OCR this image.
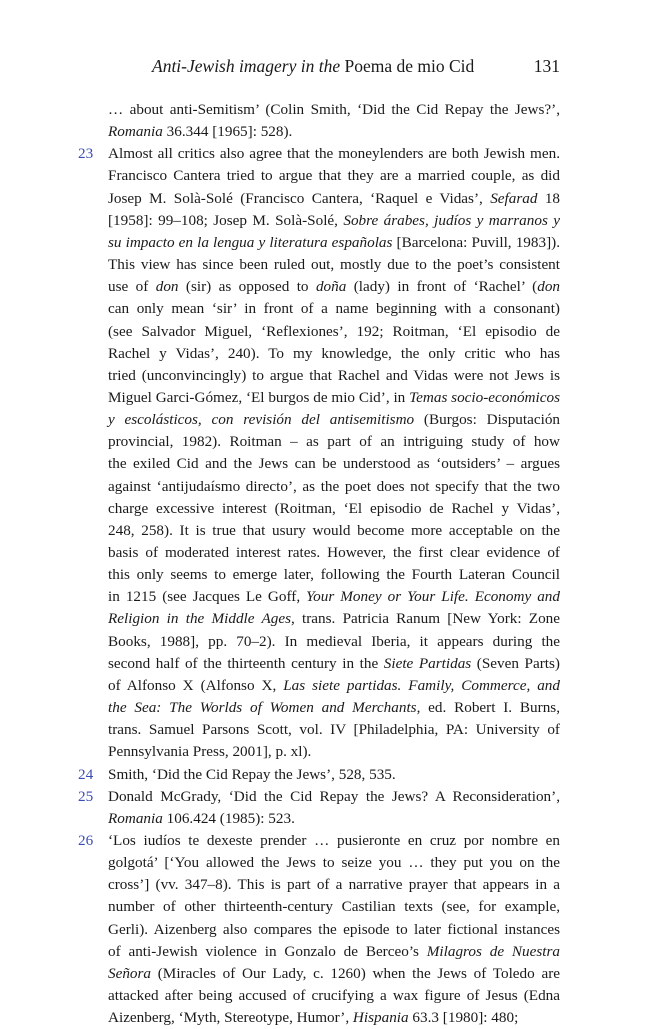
Anti-Jewish imagery in the Poema de mio Cid	131
… about anti-Semitism’ (Colin Smith, ‘Did the Cid Repay the Jews?’,
Romania 36.344 [1965]: 528).
23 Almost all critics also agree that the moneylenders are both Jewish men.
Francisco Cantera tried to argue that they are a married couple, as did
Josep M. Solà-Solé (Francisco Cantera, ‘Raquel e Vidas’, Sefarad 18
[1958]: 99–108; Josep M. Solà-Solé, Sobre árabes, judíos y marranos y
su impacto en la lengua y literatura españolas [Barcelona: Puvill, 1983]).
This view has since been ruled out, mostly due to the poet’s consistent
use of don (sir) as opposed to doña (lady) in front of ‘Rachel’ (don
can only mean ‘sir’ in front of a name beginning with a consonant)
(see Salvador Miguel, ‘Reflexiones’, 192; Roitman, ‘El episodio de
Rachel y Vidas’, 240). To my knowledge, the only critic who has
tried (unconvincingly) to argue that Rachel and Vidas were not Jews is
Miguel Garci-Gómez, ‘El burgos de mio Cid’, in Temas socio-económicos
y escolásticos, con revisión del antisemitismo (Burgos: Disputación
provincial, 1982). Roitman – as part of an intriguing study of how
the exiled Cid and the Jews can be understood as ‘outsiders’ – argues
against ‘antijudaísmo directo’, as the poet does not specify that the two
charge excessive interest (Roitman, ‘El episodio de Rachel y Vidas’,
248, 258). It is true that usury would become more acceptable on the
basis of moderated interest rates. However, the first clear evidence of
this only seems to emerge later, following the Fourth Lateran Council
in 1215 (see Jacques Le Goff, Your Money or Your Life. Economy and
Religion in the Middle Ages, trans. Patricia Ranum [New York: Zone
Books, 1988], pp. 70–2). In medieval Iberia, it appears during the
second half of the thirteenth century in the Siete Partidas (Seven Parts)
of Alfonso X (Alfonso X, Las siete partidas. Family, Commerce, and
the Sea: The Worlds of Women and Merchants, ed. Robert I. Burns,
trans. Samuel Parsons Scott, vol. IV [Philadelphia, PA: University of
Pennsylvania Press, 2001], p. xl).
24 Smith, ‘Did the Cid Repay the Jews’, 528, 535.
25 Donald McGrady, ‘Did the Cid Repay the Jews? A Reconsideration’,
Romania 106.424 (1985): 523.
26 ‘Los iudíos te dexeste prender … pusieronte en cruz por nombre en
golgotá’ [‘You allowed the Jews to seize you … they put you on the
cross’] (vv. 347–8). This is part of a narrative prayer that appears in a
number of other thirteenth-century Castilian texts (see, for example,
Gerli). Aizenberg also compares the episode to later fictional instances
of anti-Jewish violence in Gonzalo de Berceo’s Milagros de Nuestra
Señora (Miracles of Our Lady, c. 1260) when the Jews of Toledo are
attacked after being accused of crucifying a wax figure of Jesus (Edna
Aizenberg, ‘Myth, Stereotype, Humor’, Hispania 63.3 [1980]: 480;
